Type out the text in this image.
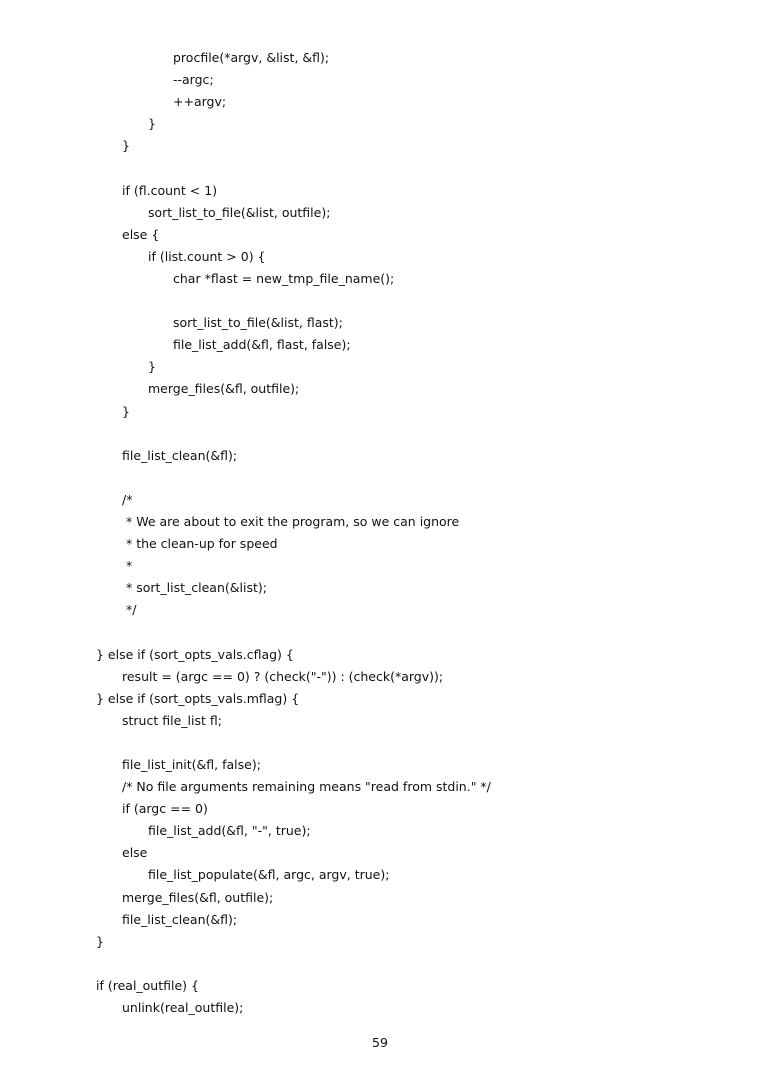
procfile(*argv, &list, &fl);
--argc;
++argv;
}
}
if (fl.count < 1)
sort_list_to_file(&list, outfile);
else {
if (list.count > 0) {
char *flast = new_tmp_file_name();
sort_list_to_file(&list, flast);
file_list_add(&fl, flast, false);
}
merge_files(&fl, outfile);
}
file_list_clean(&fl);
/*
* We are about to exit the program, so we can ignore
* the clean-up for speed
*
* sort_list_clean(&list);
*/
} else if (sort_opts_vals.cflag) {
result = (argc == 0) ? (check("-")) : (check(*argv));
} else if (sort_opts_vals.mflag) {
struct file_list fl;
file_list_init(&fl, false);
/* No file arguments remaining means "read from stdin." */
if (argc == 0)
file_list_add(&fl, "-", true);
else
file_list_populate(&fl, argc, argv, true);
merge_files(&fl, outfile);
file_list_clean(&fl);
}
if (real_outfile) {
unlink(real_outfile);
59
